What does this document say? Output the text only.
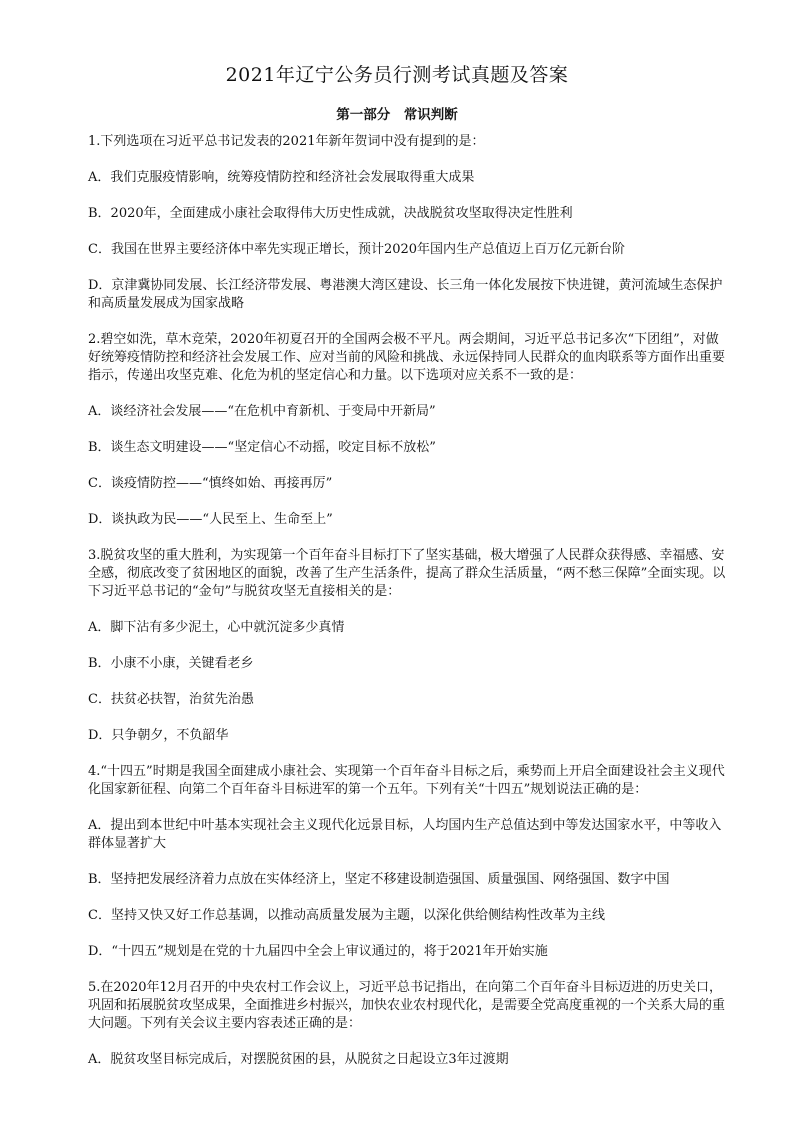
2021年辽宁公务员行测考试真题及答案
第一部分　常识判断

1.下列选项在习近平总书记发表的2021年新年贺词中没有提到的是：

A．我们克服疫情影响，统筹疫情防控和经济社会发展取得重大成果

B．2020年，全面建成小康社会取得伟大历史性成就，决战脱贫攻坚取得决定性胜利

C．我国在世界主要经济体中率先实现正增长，预计2020年国内生产总值迈上百万亿元新台阶

D．京津冀协同发展、长江经济带发展、粤港澳大湾区建设、长三角一体化发展按下快进键，黄河流域生态保护和高质量发展成为国家战略

2.碧空如洗，草木竞荣，2020年初夏召开的全国两会极不平凡。两会期间，习近平总书记多次“下团组”，对做好统筹疫情防控和经济社会发展工作、应对当前的风险和挑战、永远保持同人民群众的血肉联系等方面作出重要指示，传递出攻坚克难、化危为机的坚定信心和力量。以下选项对应关系不一致的是：

A．谈经济社会发展——“在危机中育新机、于变局中开新局”

B．谈生态文明建设——“坚定信心不动摇，咬定目标不放松”

C．谈疫情防控——“慎终如始、再接再厉”

D．谈执政为民——“人民至上、生命至上”

3.脱贫攻坚的重大胜利，为实现第一个百年奋斗目标打下了坚实基础，极大增强了人民群众获得感、幸福感、安全感，彻底改变了贫困地区的面貌，改善了生产生活条件，提高了群众生活质量，“两不愁三保障”全面实现。以下习近平总书记的“金句”与脱贫攻坚无直接相关的是：

A．脚下沾有多少泥土，心中就沉淀多少真情

B．小康不小康，关键看老乡

C．扶贫必扶智，治贫先治愚

D．只争朝夕，不负韶华

4.“十四五”时期是我国全面建成小康社会、实现第一个百年奋斗目标之后，乘势而上开启全面建设社会主义现代化国家新征程、向第二个百年奋斗目标进军的第一个五年。下列有关“十四五”规划说法正确的是：

A．提出到本世纪中叶基本实现社会主义现代化远景目标，人均国内生产总值达到中等发达国家水平，中等收入群体显著扩大

B．坚持把发展经济着力点放在实体经济上，坚定不移建设制造强国、质量强国、网络强国、数字中国

C．坚持又快又好工作总基调，以推动高质量发展为主题，以深化供给侧结构性改革为主线

D．“十四五”规划是在党的十九届四中全会上审议通过的，将于2021年开始实施

5.在2020年12月召开的中央农村工作会议上，习近平总书记指出，在向第二个百年奋斗目标迈进的历史关口，巩固和拓展脱贫攻坚成果，全面推进乡村振兴，加快农业农村现代化，是需要全党高度重视的一个关系大局的重大问题。下列有关会议主要内容表述正确的是：

A．脱贫攻坚目标完成后，对摆脱贫困的县，从脱贫之日起设立3年过渡期
